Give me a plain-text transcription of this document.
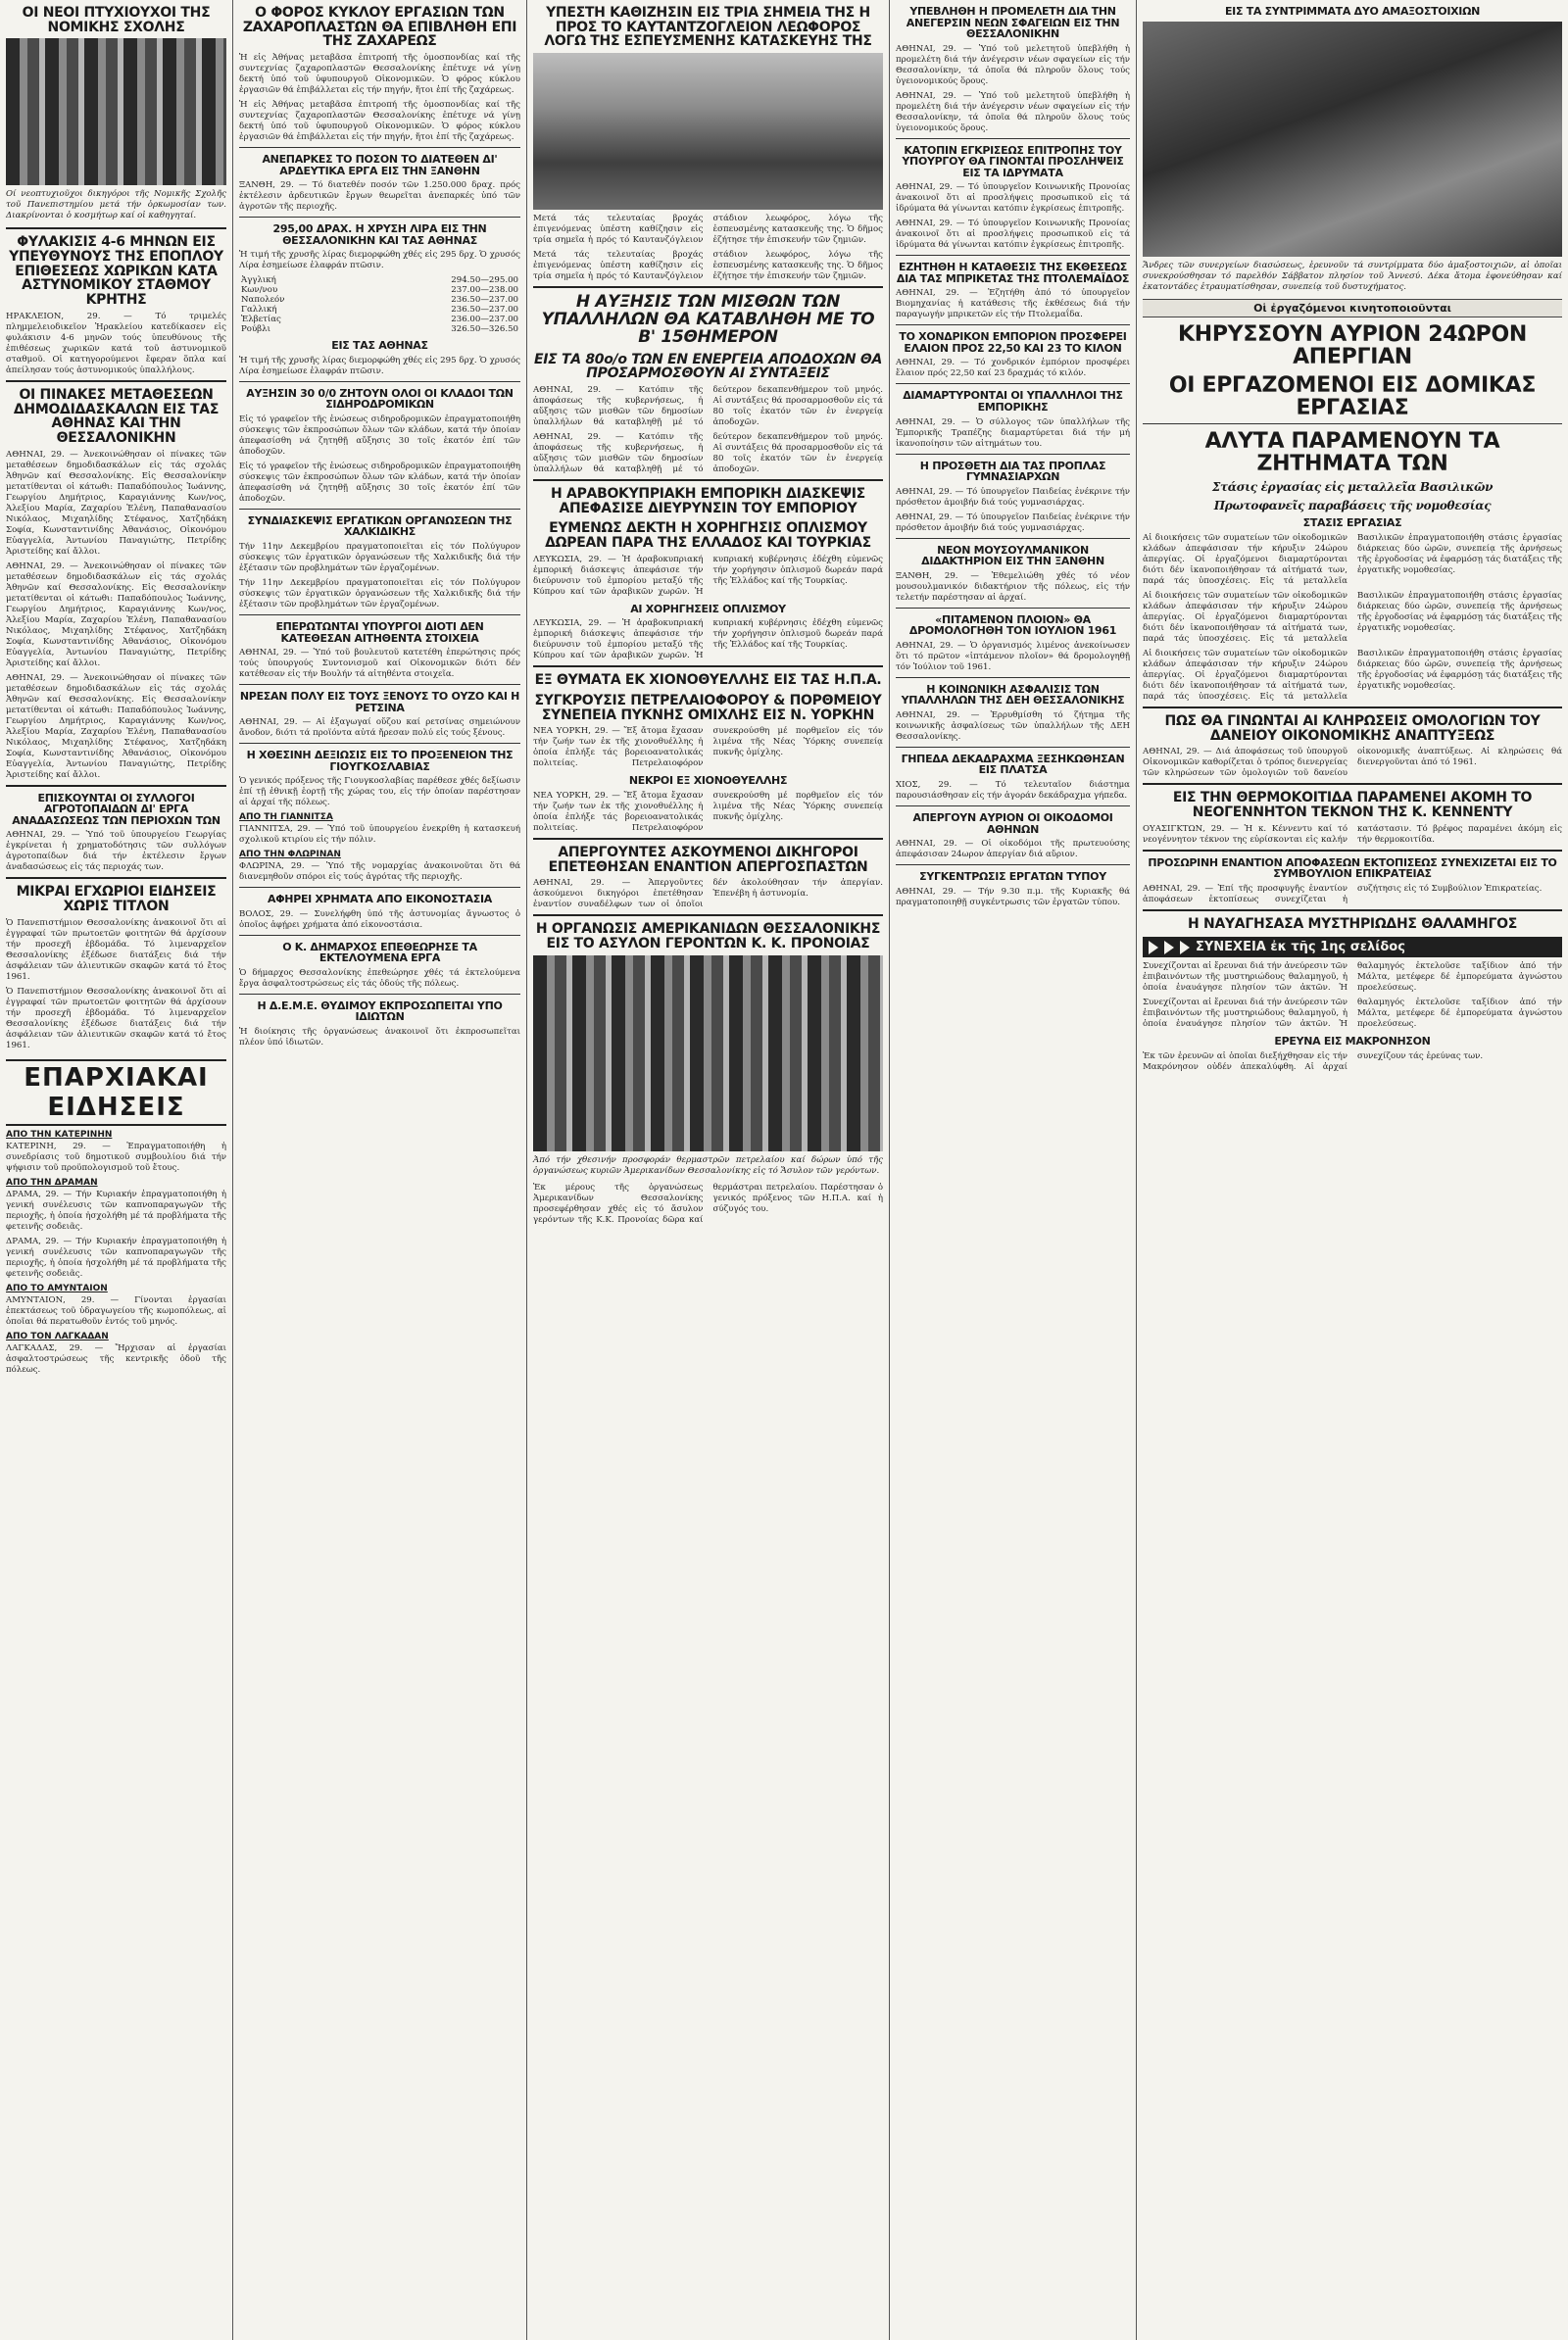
ΟΙ ΝΕΟΙ ΠΤΥΧΙΟΥΧΟΙ ΤΗΣ ΝΟΜΙΚΗΣ ΣΧΟΛΗΣ
Οί νεοπτυχιοῦχοι δικηγόροι τῆς Νομικῆς Σχολῆς τοῦ Πανεπιστημίου μετά τήν ὁρκωμοσίαν των. Διακρίνονται ὁ κοσμήτωρ καί οἱ καθηγηταί.
ΦΥΛΑΚΙΣΙΣ 4-6 ΜΗΝΩΝ ΕΙΣ ΥΠΕΥΘΥΝΟΥΣ ΤΗΣ ΕΠΟΠΛΟΥ ΕΠΙΘΕΣΕΩΣ ΧΩΡΙΚΩΝ ΚΑΤΑ ΑΣΤΥΝΟΜΙΚΟΥ ΣΤΑΘΜΟΥ ΚΡΗΤΗΣ
ΗΡΑΚΛΕΙΟΝ, 29. — Τό τριμελές πλημμελειοδικεῖον Ἡρακλείου κατεδίκασεν εἰς φυλάκισιν 4-6 μηνῶν τούς ὑπευθύνους τῆς ἐπιθέσεως χωρικῶν κατά τοῦ ἀστυνομικοῦ σταθμοῦ. Οἱ κατηγορούμενοι ἔφεραν ὅπλα καί ἀπείλησαν τούς ἀστυνομικούς ὑπαλλήλους.
ΟΙ ΠΙΝΑΚΕΣ ΜΕΤΑΘΕΣΕΩΝ ΔΗΜΟΔΙΔΑΣΚΑΛΩΝ ΕΙΣ ΤΑΣ ΑΘΗΝΑΣ ΚΑΙ ΤΗΝ ΘΕΣΣΑΛΟΝΙΚΗΝ
ΑΘΗΝΑΙ, 29. — Ἀνεκοινώθησαν οἱ πίνακες τῶν μεταθέσεων δημοδιδασκάλων εἰς τάς σχολάς Ἀθηνῶν καί Θεσσαλονίκης. Εἰς Θεσσαλονίκην μετατίθενται οἱ κάτωθι: Παπαδόπουλος Ἰωάννης, Γεωργίου Δημήτριος, Καραγιάννης Κων/νος, Ἀλεξίου Μαρία, Ζαχαρίου Ἑλένη, Παπαθανασίου Νικόλαος, Μιχαηλίδης Στέφανος, Χατζηδάκη Σοφία, Κωνσταντινίδης Ἀθανάσιος, Οἰκονόμου Εὐαγγελία, Ἀντωνίου Παναγιώτης, Πετρίδης Ἀριστείδης καί ἄλλοι.
ΑΘΗΝΑΙ, 29. — Ἀνεκοινώθησαν οἱ πίνακες τῶν μεταθέσεων δημοδιδασκάλων εἰς τάς σχολάς Ἀθηνῶν καί Θεσσαλονίκης. Εἰς Θεσσαλονίκην μετατίθενται οἱ κάτωθι: Παπαδόπουλος Ἰωάννης, Γεωργίου Δημήτριος, Καραγιάννης Κων/νος, Ἀλεξίου Μαρία, Ζαχαρίου Ἑλένη, Παπαθανασίου Νικόλαος, Μιχαηλίδης Στέφανος, Χατζηδάκη Σοφία, Κωνσταντινίδης Ἀθανάσιος, Οἰκονόμου Εὐαγγελία, Ἀντωνίου Παναγιώτης, Πετρίδης Ἀριστείδης καί ἄλλοι.
ΑΘΗΝΑΙ, 29. — Ἀνεκοινώθησαν οἱ πίνακες τῶν μεταθέσεων δημοδιδασκάλων εἰς τάς σχολάς Ἀθηνῶν καί Θεσσαλονίκης. Εἰς Θεσσαλονίκην μετατίθενται οἱ κάτωθι: Παπαδόπουλος Ἰωάννης, Γεωργίου Δημήτριος, Καραγιάννης Κων/νος, Ἀλεξίου Μαρία, Ζαχαρίου Ἑλένη, Παπαθανασίου Νικόλαος, Μιχαηλίδης Στέφανος, Χατζηδάκη Σοφία, Κωνσταντινίδης Ἀθανάσιος, Οἰκονόμου Εὐαγγελία, Ἀντωνίου Παναγιώτης, Πετρίδης Ἀριστείδης καί ἄλλοι.
ΕΠΙΣΚΟΥΝΤΑΙ ΟΙ ΣΥΛΛΟΓΟΙ ΑΓΡΟΤΟΠΑΙΔΩΝ ΔΙ' ΕΡΓΑ ΑΝΑΔΑΣΩΣΕΩΣ ΤΩΝ ΠΕΡΙΟΧΩΝ ΤΩΝ
ΑΘΗΝΑΙ, 29. — Ὑπό τοῦ ὑπουργείου Γεωργίας ἐγκρίνεται ἡ χρηματοδότησις τῶν συλλόγων ἀγροτοπαίδων διά τήν ἐκτέλεσιν ἔργων ἀναδασώσεως εἰς τάς περιοχάς των.
ΜΙΚΡΑΙ ΕΓΧΩΡΙΟΙ ΕΙΔΗΣΕΙΣ ΧΩΡΙΣ ΤΙΤΛΟΝ
Ὁ Πανεπιστήμιον Θεσσαλονίκης ἀνακοινοῖ ὅτι αἱ ἐγγραφαί τῶν πρωτοετῶν φοιτητῶν θά ἀρχίσουν τήν προσεχῆ ἑβδομάδα. Τό λιμεναρχεῖον Θεσσαλονίκης ἐξέδωσε διατάξεις διά τήν ἀσφάλειαν τῶν ἁλιευτικῶν σκαφῶν κατά τό ἔτος 1961.
Ὁ Πανεπιστήμιον Θεσσαλονίκης ἀνακοινοῖ ὅτι αἱ ἐγγραφαί τῶν πρωτοετῶν φοιτητῶν θά ἀρχίσουν τήν προσεχῆ ἑβδομάδα. Τό λιμεναρχεῖον Θεσσαλονίκης ἐξέδωσε διατάξεις διά τήν ἀσφάλειαν τῶν ἁλιευτικῶν σκαφῶν κατά τό ἔτος 1961.
ΕΠΑΡΧΙΑΚΑΙ ΕΙΔΗΣΕΙΣ
ΑΠΟ ΤΗΝ ΚΑΤΕΡΙΝΗΝ
ΚΑΤΕΡΙΝΗ, 29. — Ἐπραγματοποιήθη ἡ συνεδρίασις τοῦ δημοτικοῦ συμβουλίου διά τήν ψήφισιν τοῦ προϋπολογισμοῦ τοῦ ἔτους.
ΑΠΟ ΤΗΝ ΔΡΑΜΑΝ
ΔΡΑΜΑ, 29. — Τήν Κυριακήν ἐπραγματοποιήθη ἡ γενική συνέλευσις τῶν καπνοπαραγωγῶν τῆς περιοχῆς, ἡ ὁποία ἠσχολήθη μέ τά προβλήματα τῆς φετεινῆς σοδειᾶς.
ΔΡΑΜΑ, 29. — Τήν Κυριακήν ἐπραγματοποιήθη ἡ γενική συνέλευσις τῶν καπνοπαραγωγῶν τῆς περιοχῆς, ἡ ὁποία ἠσχολήθη μέ τά προβλήματα τῆς φετεινῆς σοδειᾶς.
ΑΠΟ ΤΟ ΑΜΥΝΤΑΙΟΝ
ΑΜΥΝΤΑΙΟΝ, 29. — Γίνονται ἐργασίαι ἐπεκτάσεως τοῦ ὑδραγωγείου τῆς κωμοπόλεως, αἱ ὁποῖαι θά περατωθοῦν ἐντός τοῦ μηνός.
ΑΠΟ ΤΟΝ ΛΑΓΚΑΔΑΝ
ΛΑΓΚΑΔΑΣ, 29. — Ἤρχισαν αἱ ἐργασίαι ἀσφαλτοστρώσεως τῆς κεντρικῆς ὁδοῦ τῆς πόλεως.
Ο ΦΟΡΟΣ ΚΥΚΛΟΥ ΕΡΓΑΣΙΩΝ ΤΩΝ ΖΑΧΑΡΟΠΛΑΣΤΩΝ ΘΑ ΕΠΙΒΛΗΘΗ ΕΠΙ ΤΗΣ ΖΑΧΑΡΕΩΣ
Ἡ εἰς Ἀθήνας μεταβᾶσα ἐπιτροπή τῆς ὁμοσπονδίας καί τῆς συντεχνίας ζαχαροπλαστῶν Θεσσαλονίκης ἐπέτυχε νά γίνῃ δεκτή ὑπό τοῦ ὑφυπουργοῦ Οἰκονομικῶν. Ὁ φόρος κύκλου ἐργασιῶν θά ἐπιβάλλεται εἰς τήν πηγήν, ἤτοι ἐπί τῆς ζαχάρεως.
Ἡ εἰς Ἀθήνας μεταβᾶσα ἐπιτροπή τῆς ὁμοσπονδίας καί τῆς συντεχνίας ζαχαροπλαστῶν Θεσσαλονίκης ἐπέτυχε νά γίνῃ δεκτή ὑπό τοῦ ὑφυπουργοῦ Οἰκονομικῶν. Ὁ φόρος κύκλου ἐργασιῶν θά ἐπιβάλλεται εἰς τήν πηγήν, ἤτοι ἐπί τῆς ζαχάρεως.
ΑΝΕΠΑΡΚΕΣ ΤΟ ΠΟΣΟΝ ΤΟ ΔΙΑΤΕΘΕΝ ΔΙ' ΑΡΔΕΥΤΙΚΑ ΕΡΓΑ ΕΙΣ ΤΗΝ ΞΑΝΘΗΝ
ΞΑΝΘΗ, 29. — Τό διατεθέν ποσόν τῶν 1.250.000 δραχ. πρός ἐκτέλεσιν ἀρδευτικῶν ἔργων θεωρεῖται ἀνεπαρκές ὑπό τῶν ἀγροτῶν τῆς περιοχῆς.
295,00 ΔΡΑΧ. Η ΧΡΥΣΗ ΛΙΡΑ ΕΙΣ ΤΗΝ ΘΕΣΣΑΛΟΝΙΚΗΝ ΚΑΙ ΤΑΣ ΑΘΗΝΑΣ
Ἡ τιμή τῆς χρυσῆς λίρας διεμορφώθη χθές εἰς 295 δρχ. Ὁ χρυσός Λίρα ἐσημείωσε ἐλαφράν πτῶσιν.
Ἀγγλική	294.50—295.00
Κων/νου	237.00—238.00
Ναπολεόν	236.50—237.00
Γαλλική	236.50—237.00
Ἑλβετίας	236.00—237.00
Ρούβλι	326.50—326.50
ΕΙΣ ΤΑΣ ΑΘΗΝΑΣ
Ἡ τιμή τῆς χρυσῆς λίρας διεμορφώθη χθές εἰς 295 δρχ. Ὁ χρυσός Λίρα ἐσημείωσε ἐλαφράν πτῶσιν.
ΑΥΞΗΣΙΝ 30 0/0 ΖΗΤΟΥΝ ΟΛΟΙ ΟΙ ΚΛΑΔΟΙ ΤΩΝ ΣΙΔΗΡΟΔΡΟΜΙΚΩΝ
Εἰς τό γραφεῖον τῆς ἑνώσεως σιδηροδρομικῶν ἐπραγματοποιήθη σύσκεψις τῶν ἐκπροσώπων ὅλων τῶν κλάδων, κατά τήν ὁποίαν ἀπεφασίσθη νά ζητηθῇ αὔξησις 30 τοῖς ἑκατόν ἐπί τῶν ἀποδοχῶν.
Εἰς τό γραφεῖον τῆς ἑνώσεως σιδηροδρομικῶν ἐπραγματοποιήθη σύσκεψις τῶν ἐκπροσώπων ὅλων τῶν κλάδων, κατά τήν ὁποίαν ἀπεφασίσθη νά ζητηθῇ αὔξησις 30 τοῖς ἑκατόν ἐπί τῶν ἀποδοχῶν.
ΣΥΝΔΙΑΣΚΕΨΙΣ ΕΡΓΑΤΙΚΩΝ ΟΡΓΑΝΩΣΕΩΝ ΤΗΣ ΧΑΛΚΙΔΙΚΗΣ
Τήν 11ην Δεκεμβρίου πραγματοποιεῖται εἰς τόν Πολύγυρον σύσκεψις τῶν ἐργατικῶν ὀργανώσεων τῆς Χαλκιδικῆς διά τήν ἐξέτασιν τῶν προβλημάτων τῶν ἐργαζομένων.
Τήν 11ην Δεκεμβρίου πραγματοποιεῖται εἰς τόν Πολύγυρον σύσκεψις τῶν ἐργατικῶν ὀργανώσεων τῆς Χαλκιδικῆς διά τήν ἐξέτασιν τῶν προβλημάτων τῶν ἐργαζομένων.
ΕΠΕΡΩΤΩΝΤΑΙ ΥΠΟΥΡΓΟΙ ΔΙΟΤΙ ΔΕΝ ΚΑΤΕΘΕΣΑΝ ΑΙΤΗΘΕΝΤΑ ΣΤΟΙΧΕΙΑ
ΑΘΗΝΑΙ, 29. — Ὑπό τοῦ βουλευτοῦ κατετέθη ἐπερώτησις πρός τούς ὑπουργούς Συντονισμοῦ καί Οἰκονομικῶν διότι δέν κατέθεσαν εἰς τήν Βουλήν τά αἰτηθέντα στοιχεῖα.
ΝΡΕΣΑΝ ΠΟΛΥ ΕΙΣ ΤΟΥΣ ΞΕΝΟΥΣ ΤΟ ΟΥΖΟ ΚΑΙ Η ΡΕΤΣΙΝΑ
ΑΘΗΝΑΙ, 29. — Αἱ ἐξαγωγαί οὔζου καί ρετσίνας σημειώνουν ἄνοδον, διότι τά προϊόντα αὐτά ἤρεσαν πολύ εἰς τούς ξένους.
Η ΧΘΕΣΙΝΗ ΔΕΞΙΩΣΙΣ ΕΙΣ ΤΟ ΠΡΟΞΕΝΕΙΟΝ ΤΗΣ ΓΙΟΥΓΚΟΣΛΑΒΙΑΣ
Ὁ γενικός πρόξενος τῆς Γιουγκοσλαβίας παρέθεσε χθές δεξίωσιν ἐπί τῇ ἐθνικῇ ἑορτῇ τῆς χώρας του, εἰς τήν ὁποίαν παρέστησαν αἱ ἀρχαί τῆς πόλεως.
ΑΠΟ ΤΗ ΓΙΑΝΝΙΤΣΑ
ΓΙΑΝΝΙΤΣΑ, 29. — Ὑπό τοῦ ὑπουργείου ἐνεκρίθη ἡ κατασκευή σχολικοῦ κτιρίου εἰς τήν πόλιν.
ΑΠΟ ΤΗΝ ΦΛΩΡΙΝΑΝ
ΦΛΩΡΙΝΑ, 29. — Ὑπό τῆς νομαρχίας ἀνακοινοῦται ὅτι θά διανεμηθοῦν σπόροι εἰς τούς ἀγρότας τῆς περιοχῆς.
ΑΦΗΡΕΙ ΧΡΗΜΑΤΑ ΑΠΟ ΕΙΚΟΝΟΣΤΑΣΙΑ
ΒΟΛΟΣ, 29. — Συνελήφθη ὑπό τῆς ἀστυνομίας ἄγνωστος ὁ ὁποῖος ἀφῄρει χρήματα ἀπό εἰκονοστάσια.
Ο Κ. ΔΗΜΑΡΧΟΣ ΕΠΕΘΕΩΡΗΣΕ ΤΑ ΕΚΤΕΛΟΥΜΕΝΑ ΕΡΓΑ
Ὁ δήμαρχος Θεσσαλονίκης ἐπεθεώρησε χθές τά ἐκτελούμενα ἔργα ἀσφαλτοστρώσεως εἰς τάς ὁδούς τῆς πόλεως.
Η Δ.Ε.Μ.Ε. ΘΥΔΙΜΟΥ ΕΚΠΡΟΣΩΠΕΙΤΑΙ ΥΠΟ ΙΔΙΩΤΩΝ
Ἡ διοίκησις τῆς ὀργανώσεως ἀνακοινοῖ ὅτι ἐκπροσωπεῖται πλέον ὑπό ἰδιωτῶν.
ΥΠΕΣΤΗ ΚΑΘΙΖΗΣΙΝ ΕΙΣ ΤΡΙΑ ΣΗΜΕΙΑ ΤΗΣ Η ΠΡΟΣ ΤΟ ΚΑΥΤΑΝΤΖΟΓΛΕΙΟΝ ΛΕΩΦΟΡΟΣ ΛΟΓΩ ΤΗΣ ΕΣΠΕΥΣΜΕΝΗΣ ΚΑΤΑΣΚΕΥΗΣ ΤΗΣ
Μετά τάς τελευταίας βροχάς ἐπιγενόμενας ὑπέστη καθίζησιν εἰς τρία σημεῖα ἡ πρός τό Καυτανζόγλειον στάδιον λεωφόρος, λόγω τῆς ἐσπευσμένης κατασκευῆς της. Ὁ δῆμος ἐζήτησε τήν ἐπισκευήν τῶν ζημιῶν.
Μετά τάς τελευταίας βροχάς ἐπιγενόμενας ὑπέστη καθίζησιν εἰς τρία σημεῖα ἡ πρός τό Καυτανζόγλειον στάδιον λεωφόρος, λόγω τῆς ἐσπευσμένης κατασκευῆς της. Ὁ δῆμος ἐζήτησε τήν ἐπισκευήν τῶν ζημιῶν.
Η ΑΥΞΗΣΙΣ ΤΩΝ ΜΙΣΘΩΝ ΤΩΝ ΥΠΑΛΛΗΛΩΝ ΘΑ ΚΑΤΑΒΛΗΘΗ ΜΕ ΤΟ Β' 15ΘΗΜΕΡΟΝ
ΕΙΣ ΤΑ 80ο/ο ΤΩΝ ΕΝ ΕΝΕΡΓΕΙΑ ΑΠΟΔΟΧΩΝ ΘΑ ΠΡΟΣΑΡΜΟΣΘΟΥΝ ΑΙ ΣΥΝΤΑΞΕΙΣ
ΑΘΗΝΑΙ, 29. — Κατόπιν τῆς ἀποφάσεως τῆς κυβερνήσεως, ἡ αὔξησις τῶν μισθῶν τῶν δημοσίων ὑπαλλήλων θά καταβληθῇ μέ τό δεύτερον δεκαπενθήμερον τοῦ μηνός. Αἱ συντάξεις θά προσαρμοσθοῦν εἰς τά 80 τοῖς ἑκατόν τῶν ἐν ἐνεργείᾳ ἀποδοχῶν.
ΑΘΗΝΑΙ, 29. — Κατόπιν τῆς ἀποφάσεως τῆς κυβερνήσεως, ἡ αὔξησις τῶν μισθῶν τῶν δημοσίων ὑπαλλήλων θά καταβληθῇ μέ τό δεύτερον δεκαπενθήμερον τοῦ μηνός. Αἱ συντάξεις θά προσαρμοσθοῦν εἰς τά 80 τοῖς ἑκατόν τῶν ἐν ἐνεργείᾳ ἀποδοχῶν.
Η ΑΡΑΒΟΚΥΠΡΙΑΚΗ ΕΜΠΟΡΙΚΗ ΔΙΑΣΚΕΨΙΣ ΑΠΕΦΑΣΙΣΕ ΔΙΕΥΡΥΝΣΙΝ ΤΟΥ ΕΜΠΟΡΙΟΥ
ΕΥΜΕΝΩΣ ΔΕΚΤΗ Η ΧΟΡΗΓΗΣΙΣ ΟΠΛΙΣΜΟΥ ΔΩΡΕΑΝ ΠΑΡΑ ΤΗΣ ΕΛΛΑΔΟΣ ΚΑΙ ΤΟΥΡΚΙΑΣ
ΛΕΥΚΩΣΙΑ, 29. — Ἡ ἀραβοκυπριακή ἐμπορική διάσκεψις ἀπεφάσισε τήν διεύρυνσιν τοῦ ἐμπορίου μεταξύ τῆς Κύπρου καί τῶν ἀραβικῶν χωρῶν. Ἡ κυπριακή κυβέρνησις ἐδέχθη εὐμενῶς τήν χορήγησιν ὁπλισμοῦ δωρεάν παρά τῆς Ἑλλάδος καί τῆς Τουρκίας.
ΑΙ ΧΟΡΗΓΗΣΕΙΣ ΟΠΛΙΣΜΟΥ
ΛΕΥΚΩΣΙΑ, 29. — Ἡ ἀραβοκυπριακή ἐμπορική διάσκεψις ἀπεφάσισε τήν διεύρυνσιν τοῦ ἐμπορίου μεταξύ τῆς Κύπρου καί τῶν ἀραβικῶν χωρῶν. Ἡ κυπριακή κυβέρνησις ἐδέχθη εὐμενῶς τήν χορήγησιν ὁπλισμοῦ δωρεάν παρά τῆς Ἑλλάδος καί τῆς Τουρκίας.
ΕΞ ΘΥΜΑΤΑ ΕΚ ΧΙΟΝΟΘΥΕΛΛΗΣ ΕΙΣ ΤΑΣ Η.Π.Α.
ΣΥΓΚΡΟΥΣΙΣ ΠΕΤΡΕΛΑΙΟΦΟΡΟΥ & ΠΟΡΘΜΕΙΟΥ ΣΥΝΕΠΕΙΑ ΠΥΚΝΗΣ ΟΜΙΧΛΗΣ ΕΙΣ Ν. ΥΟΡΚΗΝ
ΝΕΑ ΥΟΡΚΗ, 29. — Ἕξ ἄτομα ἔχασαν τήν ζωήν των ἐκ τῆς χιονοθυέλλης ἡ ὁποία ἐπλήξε τάς βορειοανατολικάς πολιτείας. Πετρελαιοφόρον συνεκρούσθη μέ πορθμεῖον εἰς τόν λιμένα τῆς Νέας Ὑόρκης συνεπείᾳ πυκνῆς ὀμίχλης.
ΝΕΚΡΟΙ ΕΞ ΧΙΟΝΟΘΥΕΛΛΗΣ
ΝΕΑ ΥΟΡΚΗ, 29. — Ἕξ ἄτομα ἔχασαν τήν ζωήν των ἐκ τῆς χιονοθυέλλης ἡ ὁποία ἐπλήξε τάς βορειοανατολικάς πολιτείας. Πετρελαιοφόρον συνεκρούσθη μέ πορθμεῖον εἰς τόν λιμένα τῆς Νέας Ὑόρκης συνεπείᾳ πυκνῆς ὀμίχλης.
ΑΠΕΡΓΟΥΝΤΕΣ ΑΣΚΟΥΜΕΝΟΙ ΔΙΚΗΓΟΡΟΙ ΕΠΕΤΕΘΗΣΑΝ ΕΝΑΝΤΙΟΝ ΑΠΕΡΓΟΣΠΑΣΤΩΝ
ΑΘΗΝΑΙ, 29. — Ἀπεργοῦντες ἀσκούμενοι δικηγόροι ἐπετέθησαν ἐναντίον συναδέλφων των οἱ ὁποῖοι δέν ἀκολούθησαν τήν ἀπεργίαν. Ἐπενέβη ἡ ἀστυνομία.
Η ΟΡΓΑΝΩΣΙΣ ΑΜΕΡΙΚΑΝΙΔΩΝ ΘΕΣΣΑΛΟΝΙΚΗΣ ΕΙΣ ΤΟ ΑΣΥΛΟΝ ΓΕΡΟΝΤΩΝ Κ. Κ. ΠΡΟΝΟΙΑΣ
Ἀπό τήν χθεσινήν προσφοράν θερμαστρῶν πετρελαίου καί δώρων ὑπό τῆς ὀργανώσεως κυριῶν Ἀμερικανίδων Θεσσαλονίκης εἰς τό Ἄσυλον τῶν γερόντων.
Ἐκ μέρους τῆς ὀργανώσεως Ἀμερικανίδων Θεσσαλονίκης προσεφέρθησαν χθές εἰς τό ἄσυλον γερόντων τῆς Κ.Κ. Προνοίας δῶρα καί θερμάστραι πετρελαίου. Παρέστησαν ὁ γενικός πρόξενος τῶν Η.Π.Α. καί ἡ σύζυγός του.
ΥΠΕΒΛΗΘΗ Η ΠΡΟΜΕΛΕΤΗ ΔΙΑ ΤΗΝ ΑΝΕΓΕΡΣΙΝ ΝΕΩΝ ΣΦΑΓΕΙΩΝ ΕΙΣ ΤΗΝ ΘΕΣΣΑΛΟΝΙΚΗΝ
ΑΘΗΝΑΙ, 29. — Ὑπό τοῦ μελετητοῦ ὑπεβλήθη ἡ προμελέτη διά τήν ἀνέγερσιν νέων σφαγείων εἰς τήν Θεσσαλονίκην, τά ὁποῖα θά πληροῦν ὅλους τούς ὑγειονομικούς ὅρους.
ΑΘΗΝΑΙ, 29. — Ὑπό τοῦ μελετητοῦ ὑπεβλήθη ἡ προμελέτη διά τήν ἀνέγερσιν νέων σφαγείων εἰς τήν Θεσσαλονίκην, τά ὁποῖα θά πληροῦν ὅλους τούς ὑγειονομικούς ὅρους.
ΚΑΤΟΠΙΝ ΕΓΚΡΙΣΕΩΣ ΕΠΙΤΡΟΠΗΣ ΤΟΥ ΥΠΟΥΡΓΟΥ ΘΑ ΓΙΝΟΝΤΑΙ ΠΡΟΣΛΗΨΕΙΣ ΕΙΣ ΤΑ ΙΔΡΥΜΑΤΑ
ΑΘΗΝΑΙ, 29. — Τό ὑπουργεῖον Κοινωνικῆς Προνοίας ἀνακοινοῖ ὅτι αἱ προσλήψεις προσωπικοῦ εἰς τά ἱδρύματα θά γίνωνται κατόπιν ἐγκρίσεως ἐπιτροπῆς.
ΑΘΗΝΑΙ, 29. — Τό ὑπουργεῖον Κοινωνικῆς Προνοίας ἀνακοινοῖ ὅτι αἱ προσλήψεις προσωπικοῦ εἰς τά ἱδρύματα θά γίνωνται κατόπιν ἐγκρίσεως ἐπιτροπῆς.
ΕΖΗΤΗΘΗ Η ΚΑΤΑΘΕΣΙΣ ΤΗΣ ΕΚΘΕΣΕΩΣ ΔΙΑ ΤΑΣ ΜΠΡΙΚΕΤΑΣ ΤΗΣ ΠΤΟΛΕΜΑΪΔΟΣ
ΑΘΗΝΑΙ, 29. — Ἐζητήθη ἀπό τό ὑπουργεῖον Βιομηχανίας ἡ κατάθεσις τῆς ἐκθέσεως διά τήν παραγωγήν μπρικετῶν εἰς τήν Πτολεμαΐδα.
ΤΟ ΧΟΝΔΡΙΚΟΝ ΕΜΠΟΡΙΟΝ ΠΡΟΣΦΕΡΕΙ ΕΛΑΙΟΝ ΠΡΟΣ 22,50 ΚΑΙ 23 ΤΟ ΚΙΛΟΝ
ΑΘΗΝΑΙ, 29. — Τό χονδρικόν ἐμπόριον προσφέρει ἔλαιον πρός 22,50 καί 23 δραχμάς τό κιλόν.
ΔΙΑΜΑΡΤΥΡΟΝΤΑΙ ΟΙ ΥΠΑΛΛΗΛΟΙ ΤΗΣ ΕΜΠΟΡΙΚΗΣ
ΑΘΗΝΑΙ, 29. — Ὁ σύλλογος τῶν ὑπαλλήλων τῆς Ἐμπορικῆς Τραπέζης διαμαρτύρεται διά τήν μή ἱκανοποίησιν τῶν αἰτημάτων του.
Η ΠΡΟΣΘΕΤΗ ΔΙΑ ΤΑΣ ΠΡΟΠΛΑΣ ΓΥΜΝΑΣΙΑΡΧΩΝ
ΑΘΗΝΑΙ, 29. — Τό ὑπουργεῖον Παιδείας ἐνέκρινε τήν πρόσθετον ἀμοιβήν διά τούς γυμνασιάρχας.
ΑΘΗΝΑΙ, 29. — Τό ὑπουργεῖον Παιδείας ἐνέκρινε τήν πρόσθετον ἀμοιβήν διά τούς γυμνασιάρχας.
ΝΕΟΝ ΜΟΥΣΟΥΛΜΑΝΙΚΟΝ ΔΙΔΑΚΤΗΡΙΟΝ ΕΙΣ ΤΗΝ ΞΑΝΘΗΝ
ΞΑΝΘΗ, 29. — Ἐθεμελιώθη χθές τό νέον μουσουλμανικόν διδακτήριον τῆς πόλεως, εἰς τήν τελετήν παρέστησαν αἱ ἀρχαί.
«ΠΙΤΑΜΕΝΟΝ ΠΛΟΙΟΝ» ΘΑ ΔΡΟΜΟΛΟΓΗΘΗ ΤΟΝ ΙΟΥΛΙΟΝ 1961
ΑΘΗΝΑΙ, 29. — Ὁ ὀργανισμός λιμένος ἀνεκοίνωσεν ὅτι τό πρῶτον «ἱπτάμενον πλοῖον» θά δρομολογηθῇ τόν Ἰούλιον τοῦ 1961.
Η ΚΟΙΝΩΝΙΚΗ ΑΣΦΑΛΙΣΙΣ ΤΩΝ ΥΠΑΛΛΗΛΩΝ ΤΗΣ ΔΕΗ ΘΕΣΣΑΛΟΝΙΚΗΣ
ΑΘΗΝΑΙ, 29. — Ἐρρυθμίσθη τό ζήτημα τῆς κοινωνικῆς ἀσφαλίσεως τῶν ὑπαλλήλων τῆς ΔΕΗ Θεσσαλονίκης.
ΓΗΠΕΔΑ ΔΕΚΑΔΡΑΧΜΑ ΞΕΣΗΚΩΘΗΣΑΝ ΕΙΣ ΠΛΑΤΣΑ
ΧΙΟΣ, 29. — Τό τελευταῖον διάστημα παρουσιάσθησαν εἰς τήν ἀγοράν δεκάδραχμα γήπεδα.
ΑΠΕΡΓΟΥΝ ΑΥΡΙΟΝ ΟΙ ΟΙΚΟΔΟΜΟΙ ΑΘΗΝΩΝ
ΑΘΗΝΑΙ, 29. — Οἱ οἰκοδόμοι τῆς πρωτευούσης ἀπεφάσισαν 24ωρον ἀπεργίαν διά αὔριον.
ΣΥΓΚΕΝΤΡΩΣΙΣ ΕΡΓΑΤΩΝ ΤΥΠΟΥ
ΑΘΗΝΑΙ, 29. — Τήν 9.30 π.μ. τῆς Κυριακῆς θά πραγματοποιηθῇ συγκέντρωσις τῶν ἐργατῶν τύπου.
ΕΙΣ ΤΑ ΣΥΝΤΡΙΜΜΑΤΑ ΔΥΟ ΑΜΑΞΟΣΤΟΙΧΙΩΝ
Ἄνδρες τῶν συνεργείων διασώσεως, ἐρευνοῦν τά συντρίμματα δύο ἁμαξοστοιχιῶν, αἱ ὁποῖαι συνεκρούσθησαν τό παρελθόν Σάββατον πλησίον τοῦ Ἀννεσύ. Δέκα ἄτομα ἐφονεύθησαν καί ἑκατοντάδες ἐτραυματίσθησαν, συνεπείᾳ τοῦ δυστυχήματος.
Οἱ ἐργαζόμενοι κινητοποιοῦνται
ΚΗΡΥΣΣΟΥΝ ΑΥΡΙΟΝ 24ΩΡΟΝ ΑΠΕΡΓΙΑΝ
ΟΙ ΕΡΓΑΖΟΜΕΝΟΙ ΕΙΣ ΔΟΜΙΚΑΣ ΕΡΓΑΣΙΑΣ
ΑΛΥΤΑ ΠΑΡΑΜΕΝΟΥΝ ΤΑ ΖΗΤΗΜΑΤΑ ΤΩΝ
Στάσις ἐργασίας εἰς μεταλλεῖα Βασιλικῶν
Πρωτοφανεῖς παραβάσεις τῆς νομοθεσίας
ΣΤΑΣΙΣ ΕΡΓΑΣΙΑΣ
Αἱ διοικήσεις τῶν συματείων τῶν οἰκοδομικῶν κλάδων ἀπεφάσισαν τήν κήρυξιν 24ώρου ἀπεργίας. Οἱ ἐργαζόμενοι διαμαρτύρονται διότι δέν ἱκανοποιήθησαν τά αἰτήματά των, παρά τάς ὑποσχέσεις. Εἰς τά μεταλλεῖα Βασιλικῶν ἐπραγματοποιήθη στάσις ἐργασίας διάρκειας δύο ὡρῶν, συνεπείᾳ τῆς ἀρνήσεως τῆς ἐργοδοσίας νά ἐφαρμόσῃ τάς διατάξεις τῆς ἐργατικῆς νομοθεσίας.
Αἱ διοικήσεις τῶν συματείων τῶν οἰκοδομικῶν κλάδων ἀπεφάσισαν τήν κήρυξιν 24ώρου ἀπεργίας. Οἱ ἐργαζόμενοι διαμαρτύρονται διότι δέν ἱκανοποιήθησαν τά αἰτήματά των, παρά τάς ὑποσχέσεις. Εἰς τά μεταλλεῖα Βασιλικῶν ἐπραγματοποιήθη στάσις ἐργασίας διάρκειας δύο ὡρῶν, συνεπείᾳ τῆς ἀρνήσεως τῆς ἐργοδοσίας νά ἐφαρμόσῃ τάς διατάξεις τῆς ἐργατικῆς νομοθεσίας.
Αἱ διοικήσεις τῶν συματείων τῶν οἰκοδομικῶν κλάδων ἀπεφάσισαν τήν κήρυξιν 24ώρου ἀπεργίας. Οἱ ἐργαζόμενοι διαμαρτύρονται διότι δέν ἱκανοποιήθησαν τά αἰτήματά των, παρά τάς ὑποσχέσεις. Εἰς τά μεταλλεῖα Βασιλικῶν ἐπραγματοποιήθη στάσις ἐργασίας διάρκειας δύο ὡρῶν, συνεπείᾳ τῆς ἀρνήσεως τῆς ἐργοδοσίας νά ἐφαρμόσῃ τάς διατάξεις τῆς ἐργατικῆς νομοθεσίας.
ΠΩΣ ΘΑ ΓΙΝΩΝΤΑΙ ΑΙ ΚΛΗΡΩΣΕΙΣ ΟΜΟΛΟΓΙΩΝ ΤΟΥ ΔΑΝΕΙΟΥ ΟΙΚΟΝΟΜΙΚΗΣ ΑΝΑΠΤΥΞΕΩΣ
ΑΘΗΝΑΙ, 29. — Διά ἀποφάσεως τοῦ ὑπουργοῦ Οἰκονομικῶν καθορίζεται ὁ τρόπος διενεργείας τῶν κληρώσεων τῶν ὁμολογιῶν τοῦ δανείου οἰκονομικῆς ἀναπτύξεως. Αἱ κληρώσεις θά διενεργοῦνται ἀπό τό 1961.
ΕΙΣ ΤΗΝ ΘΕΡΜΟΚΟΙΤΙΔΑ ΠΑΡΑΜΕΝΕΙ ΑΚΟΜΗ ΤΟ ΝΕΟΓΕΝΝΗΤΟΝ ΤΕΚΝΟΝ ΤΗΣ Κ. ΚΕΝΝΕΝΤΥ
ΟΥΑΣΙΓΚΤΩΝ, 29. — Ἡ κ. Κέννεντυ καί τό νεογέννητον τέκνον της εὑρίσκονται εἰς καλήν κατάστασιν. Τό βρέφος παραμένει ἀκόμη εἰς τήν θερμοκοιτίδα.
ΠΡΟΣΩΡΙΝΗ ΕΝΑΝΤΙΟΝ ΑΠΟΦΑΣΕΩΝ ΕΚΤΟΠΙΣΕΩΣ ΣΥΝΕΧΙΖΕΤΑΙ ΕΙΣ ΤΟ ΣΥΜΒΟΥΛΙΟΝ ΕΠΙΚΡΑΤΕΙΑΣ
ΑΘΗΝΑΙ, 29. — Ἐπί τῆς προσφυγῆς ἐναντίον ἀποφάσεων ἐκτοπίσεως συνεχίζεται ἡ συζήτησις εἰς τό Συμβούλιον Ἐπικρατείας.
Η ΝΑΥΑΓΗΣΑΣΑ ΜΥΣΤΗΡΙΩΔΗΣ ΘΑΛΑΜΗΓΟΣ
ΣΥΝΕΧΕΙΑ ἐκ τῆς 1ης σελίδος
Συνεχίζονται αἱ ἔρευναι διά τήν ἀνεύρεσιν τῶν ἐπιβαινόντων τῆς μυστηριώδους θαλαμηγοῦ, ἡ ὁποία ἐναυάγησε πλησίον τῶν ἀκτῶν. Ἡ θαλαμηγός ἐκτελοῦσε ταξίδιον ἀπό τήν Μάλτα, μετέφερε δέ ἐμπορεύματα ἀγνώστου προελεύσεως.
Συνεχίζονται αἱ ἔρευναι διά τήν ἀνεύρεσιν τῶν ἐπιβαινόντων τῆς μυστηριώδους θαλαμηγοῦ, ἡ ὁποία ἐναυάγησε πλησίον τῶν ἀκτῶν. Ἡ θαλαμηγός ἐκτελοῦσε ταξίδιον ἀπό τήν Μάλτα, μετέφερε δέ ἐμπορεύματα ἀγνώστου προελεύσεως.
ΕΡΕΥΝΑ ΕΙΣ ΜΑΚΡΟΝΗΣΟΝ
Ἐκ τῶν ἐρευνῶν αἱ ὁποῖαι διεξήχθησαν εἰς τήν Μακρόνησον οὐδέν ἀπεκαλύφθη. Αἱ ἀρχαί συνεχίζουν τάς ἐρεύνας των.
